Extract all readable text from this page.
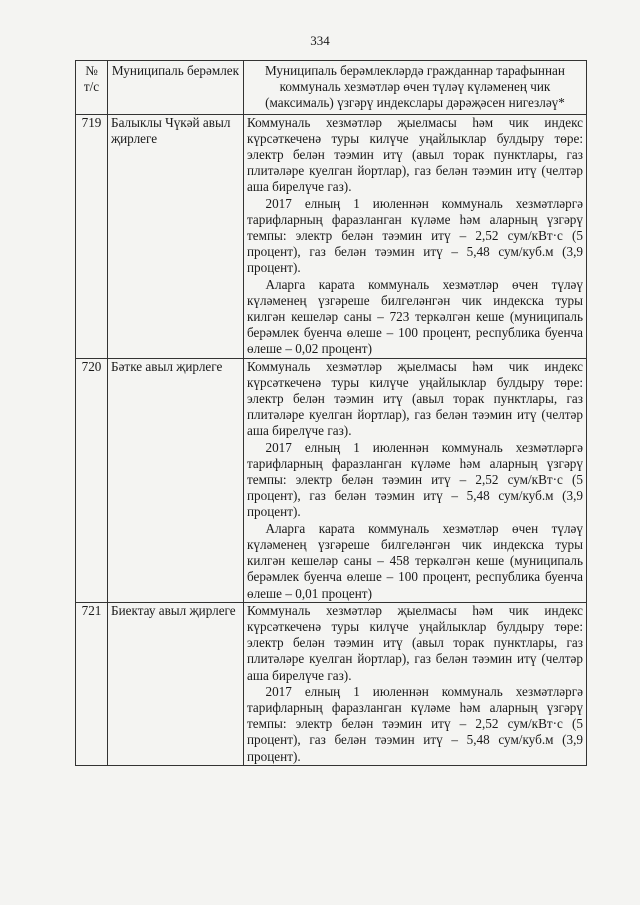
334
№ т/с	Муниципаль берәмлек	Муниципаль берәмлекләрдә гражданнар тарафыннан коммуналь хезмәтләр өчен түләү күләменең чик (максималь) үзгәрү индекслары дәрәҗәсен нигезләү*
719	Балыклы Чүкәй авыл җирлеге	Коммуналь хезмәтләр җыелмасы һәм чик индекс күрсәткеченә туры килүче уңайлыклар булдыру төре: электр белән тәэмин итү (авыл торак пунктлары, газ плитәләре куелган йортлар), газ белән тәэмин итү (челтәр аша бирелүче газ).

2017 елның 1 июленнән коммуналь хезмәтләргә тарифларның фаразланган күләме һәм аларның үзгәрү темпы: электр белән тәэмин итү – 2,52 сум/кВт·с (5 процент), газ белән тәэмин итү – 5,48 сум/куб.м (3,9 процент).

Аларга карата коммуналь хезмәтләр өчен түләү күләменең үзгәреше билгеләнгән чик индекска туры килгән кешеләр саны – 723 теркәлгән кеше (муниципаль берәмлек буенча өлеше – 100 процент, республика буенча өлеше – 0,02 процент)

720	Бәтке авыл җирлеге	Коммуналь хезмәтләр җыелмасы һәм чик индекс күрсәткеченә туры килүче уңайлыклар булдыру төре: электр белән тәэмин итү (авыл торак пунктлары, газ плитәләре куелган йортлар), газ белән тәэмин итү (челтәр аша бирелүче газ).

2017 елның 1 июленнән коммуналь хезмәтләргә тарифларның фаразланган күләме һәм аларның үзгәрү темпы: электр белән тәэмин итү – 2,52 сум/кВт·с (5 процент), газ белән тәэмин итү – 5,48 сум/куб.м (3,9 процент).

Аларга карата коммуналь хезмәтләр өчен түләү күләменең үзгәреше билгеләнгән чик индекска туры килгән кешеләр саны – 458 теркәлгән кеше (муниципаль берәмлек буенча өлеше – 100 процент, республика буенча өлеше – 0,01 процент)

721	Биектау авыл җирлеге	Коммуналь хезмәтләр җыелмасы һәм чик индекс күрсәткеченә туры килүче уңайлыклар булдыру төре: электр белән тәэмин итү (авыл торак пунктлары, газ плитәләре куелган йортлар), газ белән тәэмин итү (челтәр аша бирелүче газ).

2017 елның 1 июленнән коммуналь хезмәтләргә тарифларның фаразланган күләме һәм аларның үзгәрү темпы: электр белән тәэмин итү – 2,52 сум/кВт·с (5 процент), газ белән тәэмин итү – 5,48 сум/куб.м (3,9 процент).
